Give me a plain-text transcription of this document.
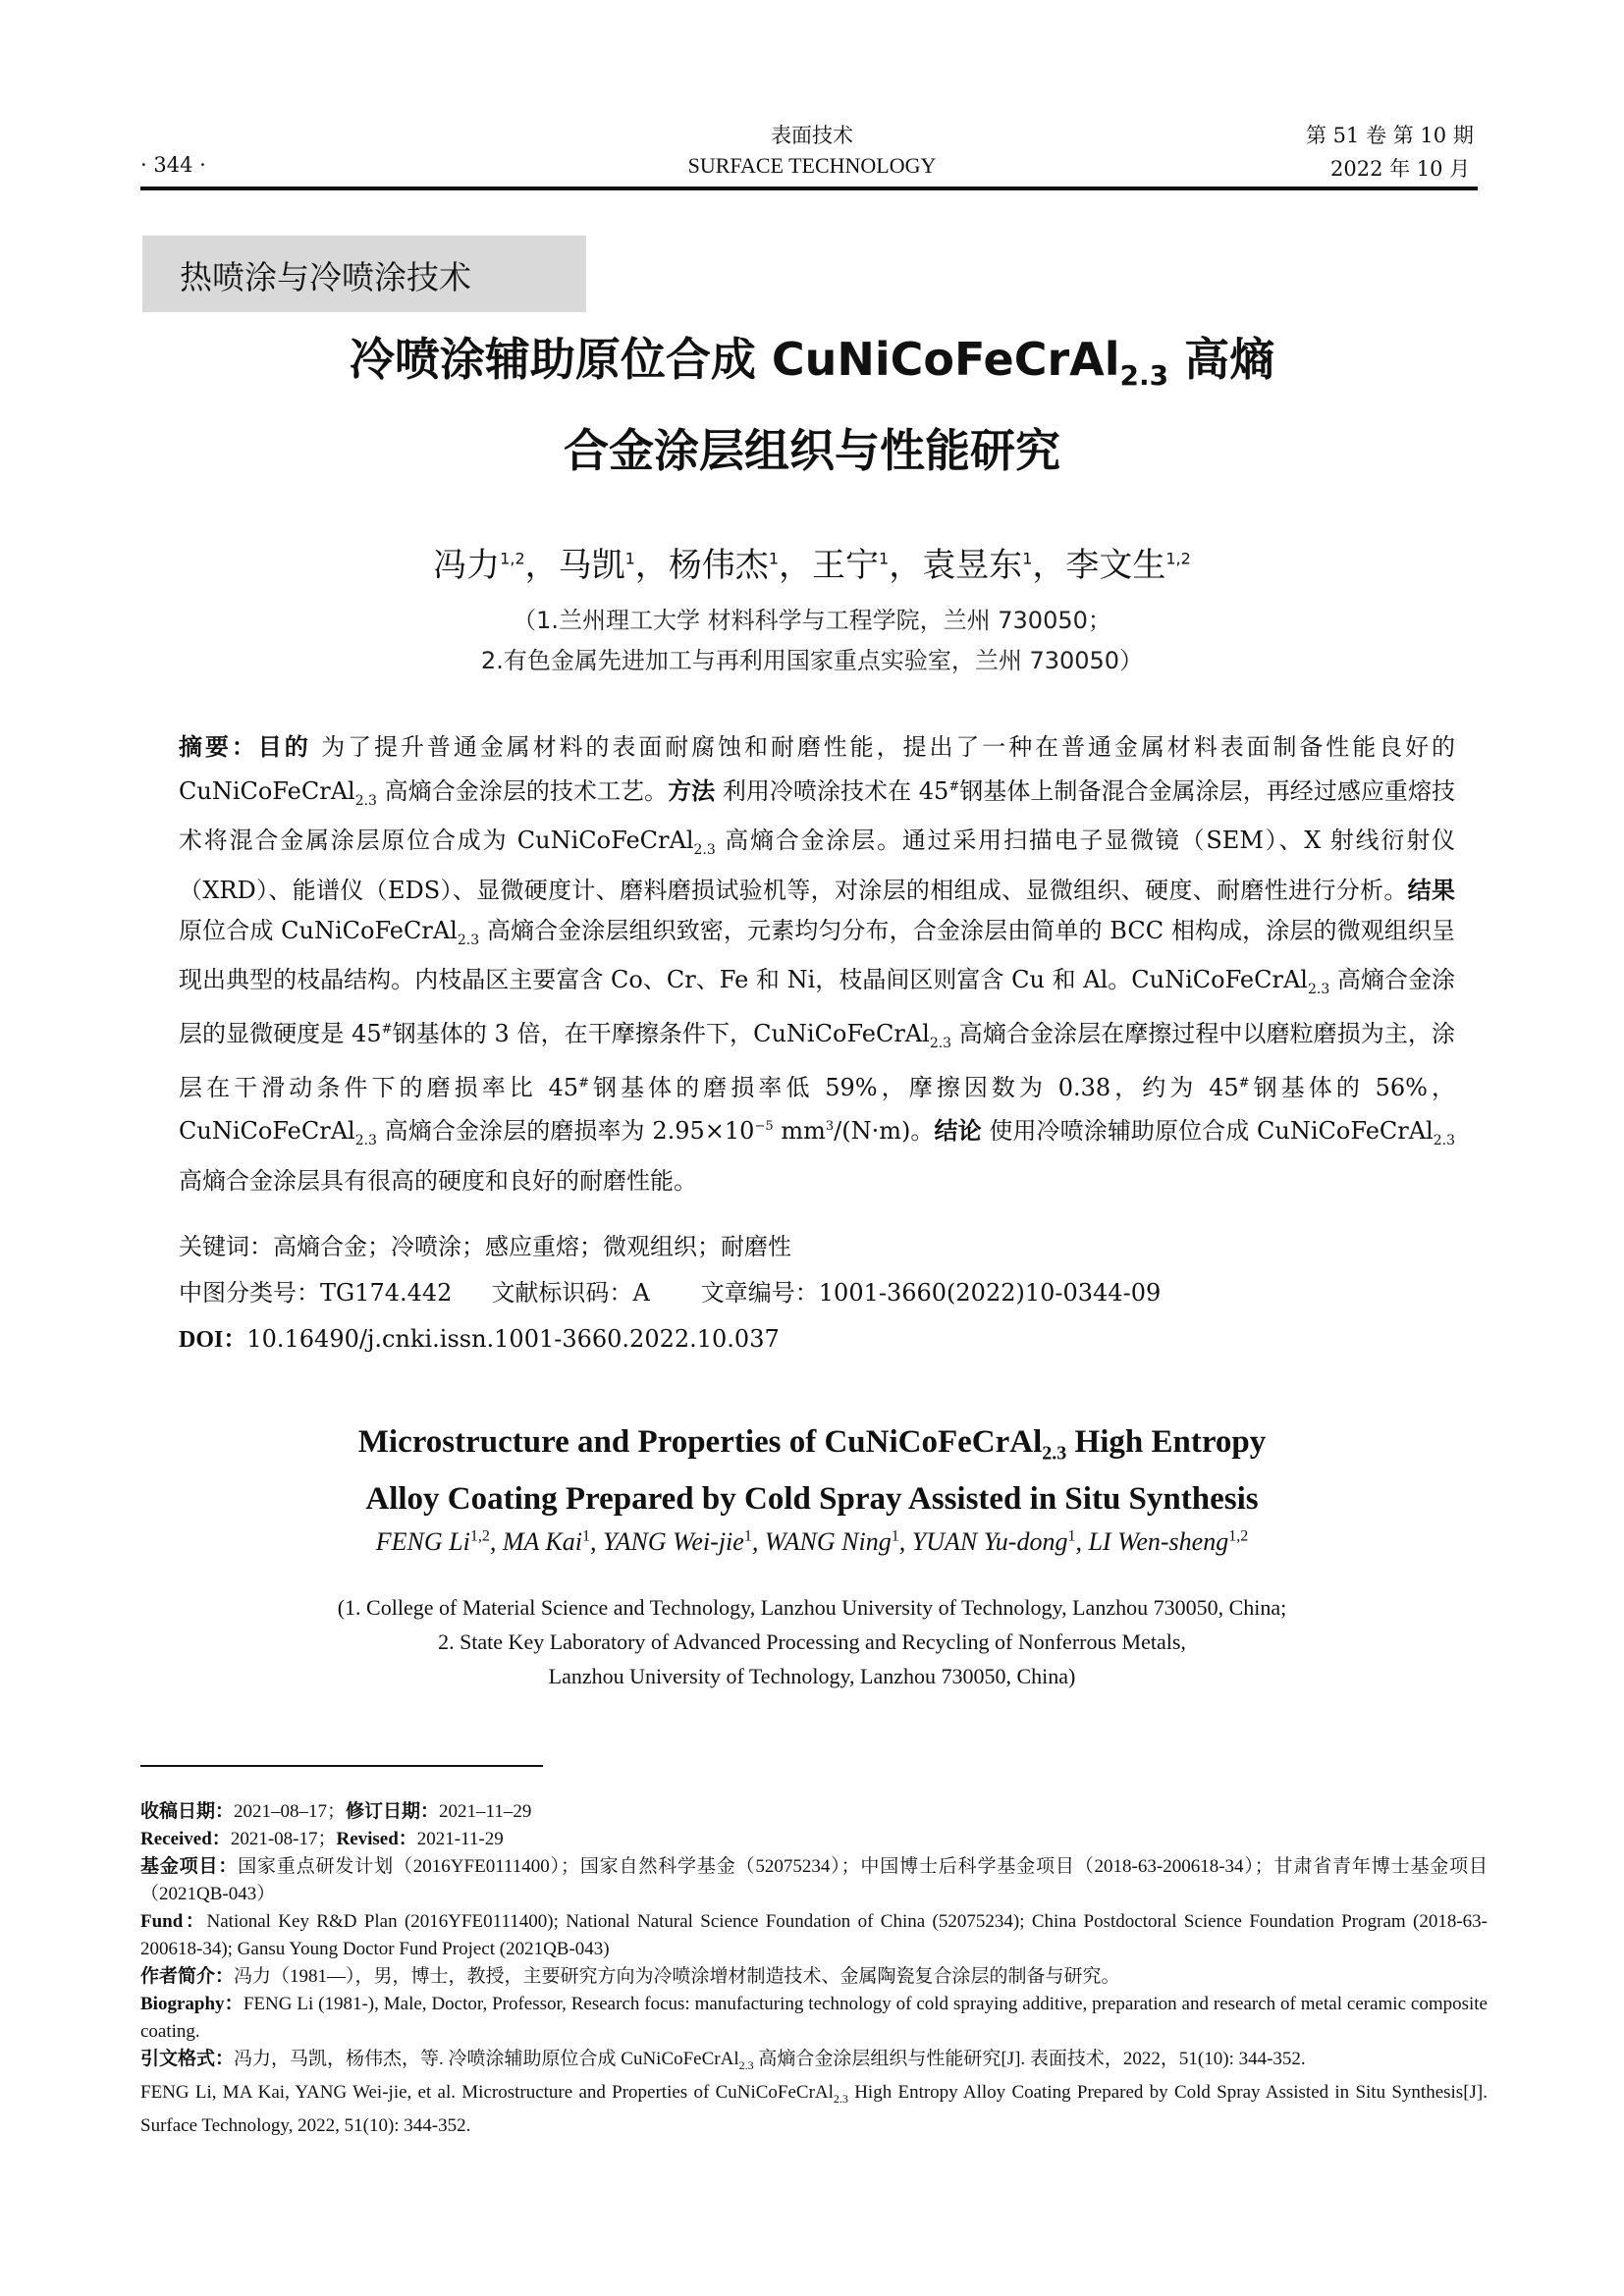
· 344 ·
表面技术
SURFACE TECHNOLOGY
第 51 卷 第 10 期
2022 年 10 月
热喷涂与冷喷涂技术
冷喷涂辅助原位合成 CuNiCoFeCrAl$_{2.3}$ 高熵
合金涂层组织与性能研究
冯力$^{1,2}$，马凯$^1$，杨伟杰$^1$，王宁$^1$，袁昱东$^1$，李文生$^{1,2}$
（1.兰州理工大学 材料科学与工程学院，兰州 730050；
2.有色金属先进加工与再利用国家重点实验室，兰州 730050）
摘要：目的 为了提升普通金属材料的表面耐腐蚀和耐磨性能，提出了一种在普通金属材料表面制备性能良好的 CuNiCoFeCrAl$_{2.3}$ 高熵合金涂层的技术工艺。方法 利用冷喷涂技术在 45#钢基体上制备混合金属涂层，再经过感应重熔技术将混合金属涂层原位合成为 CuNiCoFeCrAl$_{2.3}$ 高熵合金涂层。通过采用扫描电子显微镜（SEM）、X 射线衍射仪（XRD）、能谱仪（EDS）、显微硬度计、磨料磨损试验机等，对涂层的相组成、显微组织、硬度、耐磨性进行分析。结果 原位合成 CuNiCoFeCrAl$_{2.3}$ 高熵合金涂层组织致密，元素均匀分布，合金涂层由简单的 BCC 相构成，涂层的微观组织呈现出典型的枝晶结构。内枝晶区主要富含 Co、Cr、Fe 和 Ni，枝晶间区则富含 Cu 和 Al。CuNiCoFeCrAl$_{2.3}$ 高熵合金涂层的显微硬度是 45#钢基体的 3 倍，在干摩擦条件下，CuNiCoFeCrAl$_{2.3}$ 高熵合金涂层在摩擦过程中以磨粒磨损为主，涂层在干滑动条件下的磨损率比 45#钢基体的磨损率低 59%，摩擦因数为 0.38，约为 45#钢基体的 56%，CuNiCoFeCrAl$_{2.3}$ 高熵合金涂层的磨损率为 $2.95\times 10^{-5}$ $mm^3/(N\cdot m)$。结论 使用冷喷涂辅助原位合成 CuNiCoFeCrAl$_{2.3}$ 高熵合金涂层具有很高的硬度和良好的耐磨性能。
关键词：高熵合金；冷喷涂；感应重熔；微观组织；耐磨性
中图分类号：TG174.442 文献标识码：A 文章编号：1001-3660(2022)10-0344-09
DOI：10.16490/j.cnki.issn.1001-3660.2022.10.037
Microstructure and Properties of CuNiCoFeCrAl$_{2.3}$ High Entropy
Alloy Coating Prepared by Cold Spray Assisted in Situ Synthesis
FENG Li$^{1,2}$, MA Kai$^1$, YANG Wei-jie$^1$, WANG Ning$^1$, YUAN Yu-dong$^1$, LI Wen-sheng$^{1,2}$
(1. College of Material Science and Technology, Lanzhou University of Technology, Lanzhou 730050, China;
2. State Key Laboratory of Advanced Processing and Recycling of Nonferrous Metals,
Lanzhou University of Technology, Lanzhou 730050, China)
收稿日期：2021–08–17；修订日期：2021–11–29
Received：2021-08-17；Revised：2021-11-29
基金项目：国家重点研发计划（2016YFE0111400）；国家自然科学基金（52075234）；中国博士后科学基金项目（2018-63-200618-34）；甘肃省青年博士基金项目（2021QB-043）
Fund：National Key R&D Plan (2016YFE0111400); National Natural Science Foundation of China (52075234); China Postdoctoral Science Foundation Program (2018-63-200618-34); Gansu Young Doctor Fund Project (2021QB-043)
作者简介：冯力（1981—），男，博士，教授，主要研究方向为冷喷涂增材制造技术、金属陶瓷复合涂层的制备与研究。
Biography：FENG Li (1981-), Male, Doctor, Professor, Research focus: manufacturing technology of cold spraying additive, preparation and research of metal ceramic composite coating.
引文格式：冯力，马凯，杨伟杰，等. 冷喷涂辅助原位合成 CuNiCoFeCrAl$_{2.3}$ 高熵合金涂层组织与性能研究[J]. 表面技术，2022，51(10): 344-352.
FENG Li, MA Kai, YANG Wei-jie, et al. Microstructure and Properties of CuNiCoFeCrAl$_{2.3}$ High Entropy Alloy Coating Prepared by Cold Spray Assisted in Situ Synthesis[J]. Surface Technology, 2022, 51(10): 344-352.
